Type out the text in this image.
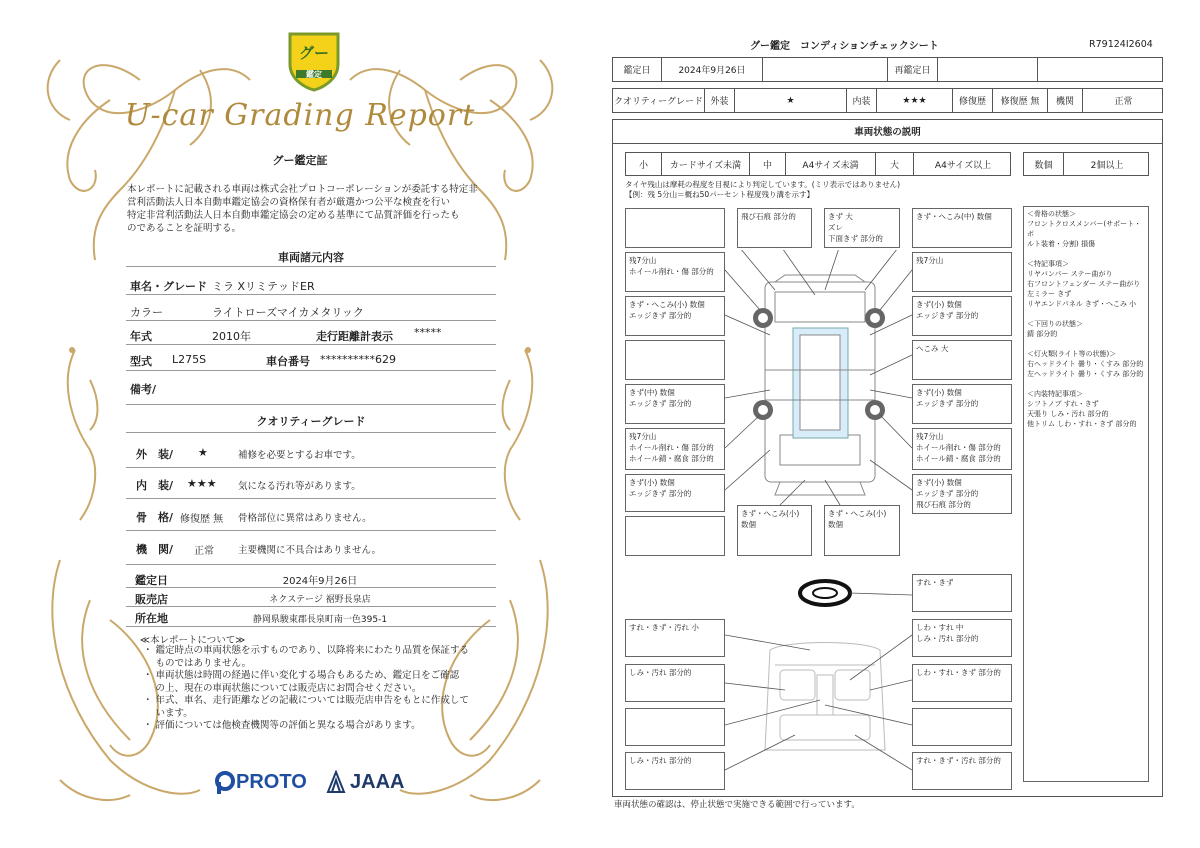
グー
鑑定
U-car Grading Report
グー鑑定証
本レポートに記載される車両は株式会社プロトコーポレーションが委託する特定非
営利活動法人日本自動車鑑定協会の資格保有者が厳選かつ公平な検査を行い
特定非営利活動法人日本自動車鑑定協会の定める基準にて品質評価を行ったも
のであることを証明する。
車両諸元内容
車名・グレード ミラ XリミテッドER
カラー	ライトローズマイカメタリック
年式	2010年	走行距離計表示 *****
型式 L275S	車台番号 **********629
備考/
クオリティーグレード
外　装/ ★	補修を必要とするお車です。
内　装/ ★★★ 気になる汚れ等があります。
骨　格/ 修復歴 無 骨格部位に異常はありません。
機　関/ 正常	主要機関に不具合はありません。
鑑定日	2024年9月26日
販売店	ネクステージ 裾野長泉店
所在地	静岡県駿東郡長泉町南一色395-1
≪本レポートについて≫
・ 鑑定時点の車両状態を示すものであり、以降将来にわたり品質を保証する
　 ものではありません。
・ 車両状態は時間の経過に伴い変化する場合もあるため、鑑定日をご確認
　 の上、現在の車両状態については販売店にお問合せください。
・ 年式、車名、走行距離などの記載については販売店申告をもとに作成して
　 います。
・ 評価については他検査機関等の評価と異なる場合があります。
PROTO JAAA
グー鑑定　コンディションチェックシート	R79124I2604
鑑定日	2024年9月26日	再鑑定日
クオリティーグレード 外装	★	内装	★★★	修復歴	修復歴 無	機関	正常
車両状態の説明
小	カードサイズ未満	中	A4サイズ未満	大	A4サイズ以上	数個	2個以上
タイヤ残山は摩耗の程度を目視により判定しています。(ミリ表示ではありません)
【例：残 5分山＝概ね50パーセント程度残り溝を示す】
飛び石痕 部分的	きず 大
ズレ
下面きず 部分的
きず・へこみ(中) 数個
残7分山
ホイール削れ・傷 部分的
残7分山
きず・へこみ(小) 数個
エッジきず 部分的
きず(小) 数個
エッジきず 部分的
へこみ 大
きず(中) 数個
エッジきず 部分的
きず(小) 数個
エッジきず 部分的
残7分山
ホイール削れ・傷 部分的
ホイール錆・腐食 部分的
残7分山
ホイール削れ・傷 部分的
ホイール錆・腐食 部分的
きず(小) 数個
エッジきず 部分的
きず(小) 数個
エッジきず 部分的
飛び石痕 部分的
きず・へこみ(小) 数個
きず・へこみ(小) 数個
＜骨格の状態＞
フロントクロスメンバー(サポート・ボ
ルト装着・分割) 損傷

＜特記事項＞
リヤバンパー ステー曲がり
右フロントフェンダー ステー曲がり
左ミラー きず
リヤエンドパネル きず・へこみ 小

＜下回りの状態＞
錆 部分的

＜灯火類(ライト等の状態)＞
右ヘッドライト 曇り・くすみ 部分的
左ヘッドライト 曇り・くすみ 部分的

＜内装特記事項＞
シフトノブ すれ・きず
天張り しみ・汚れ 部分的
他トリム しわ・すれ・きず 部分的
すれ・きず
すれ・きず・汚れ 小	しわ・すれ 中
しみ・汚れ 部分的
しみ・汚れ 部分的	しわ・すれ・きず 部分的
しみ・汚れ 部分的	すれ・きず・汚れ 部分的
車両状態の確認は、停止状態で実施できる範囲で行っています。
